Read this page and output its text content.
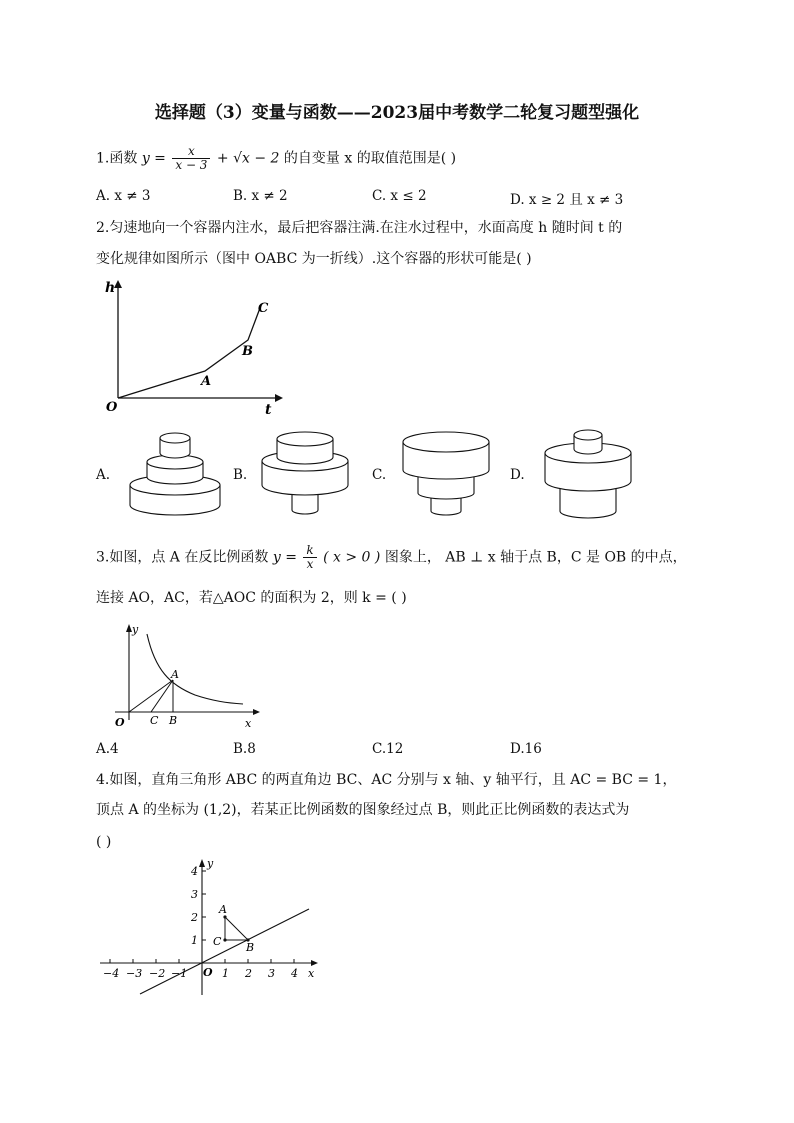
选择题（3）变量与函数——2023届中考数学二轮复习题型强化
1.函数 $y = \frac{x}{x - 3} + √x - 2$ 的自变量 x 的取值范围是( )
A. x ≠ 3	B. x ≠ 2	C. x ≤ 2	D. x ≥ 2 且 x ≠ 3
2.匀速地向一个容器内注水，最后把容器注满.在注水过程中，水面高度 h 随时间 t 的
变化规律如图所示（图中 OABC 为一折线）.这个容器的形状可能是( )
h
t
O
A
B
C
A.	B.	C.	D.
3.如图，点 A 在反比例函数 $y = \frac{k}{x}$ ( x > 0 ) 图象上， AB ⊥ x 轴于点 B，C 是 OB 的中点，
连接 AO，AC，若△AOC 的面积为 2，则 k = ( )
y
x
O
A
B
C
A.4	B.8	C.12	D.16
4.如图，直角三角形 ABC 的两直角边 BC、AC 分别与 x 轴、y 轴平行，且 AC = BC = 1，
顶点 A 的坐标为 (1,2)，若某正比例函数的图象经过点 B，则此正比例函数的表达式为
( )
−4 −3 −2 −1	1 2 3 4
1
2
3
4
y
x
O
A
C B
